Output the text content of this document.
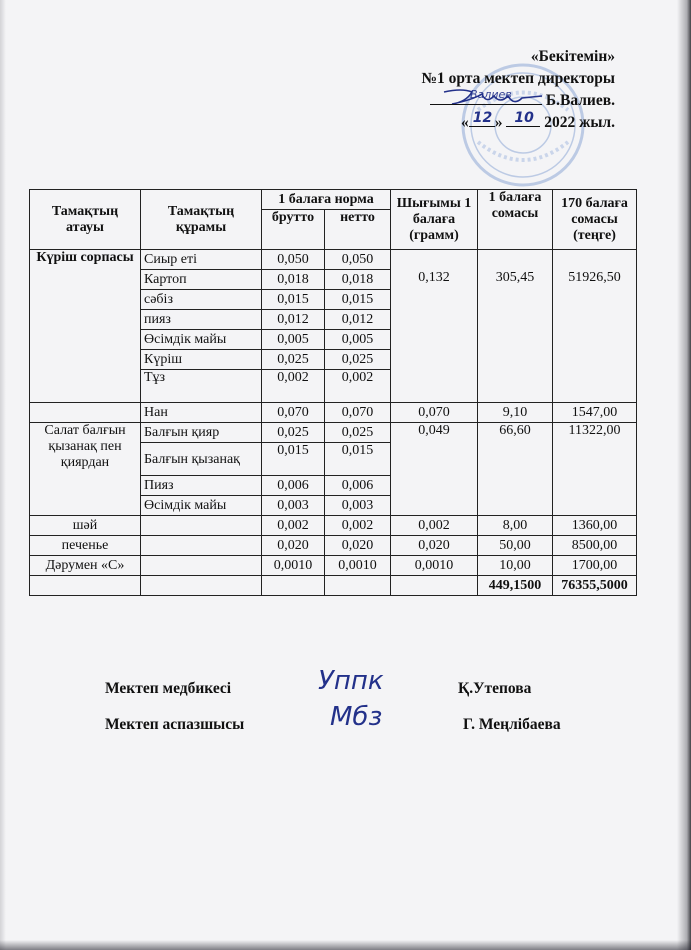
«Бекітемін»
№1 орта мектеп директоры
Б.Валиев.
« 12 » 10 2022 жыл.
Валиев
Тамақтың атауы	Тамақтың құрамы	1 балаға норма		Шығымы 1 балаға (грамм)	1 балаға сомасы	170 балаға сомасы (теңге)
		брутто	нетто			
Күріш сорпасы	Сиыр еті	0,050	0,050	0,132	305,45	51926,50
	Картоп	0,018	0,018			
	сәбіз	0,015	0,015			
	пияз	0,012	0,012			
	Өсімдік майы	0,005	0,005			
	Күріш	0,025	0,025			
	Тұз	0,002	0,002			
	Нан	0,070	0,070	0,070	9,10	1547,00
Салат балғын қызанақ пен қиярдан	Балғын қияр	0,025	0,025	0,049	66,60	11322,00
	Балғын қызанақ	0,015	0,015			
	Пияз	0,006	0,006			
	Өсімдік майы	0,003	0,003			
шәй		0,002	0,002	0,002	8,00	1360,00
печенье		0,020	0,020	0,020	50,00	8500,00
Дәрумен «С»		0,0010	0,0010	0,0010	10,00	1700,00
					449,1500	76355,5000
Мектеп медбикесі	Қ.Утепова
Мектеп аспазшысы	Г. Меңлібаева
Уппк
Мбз
